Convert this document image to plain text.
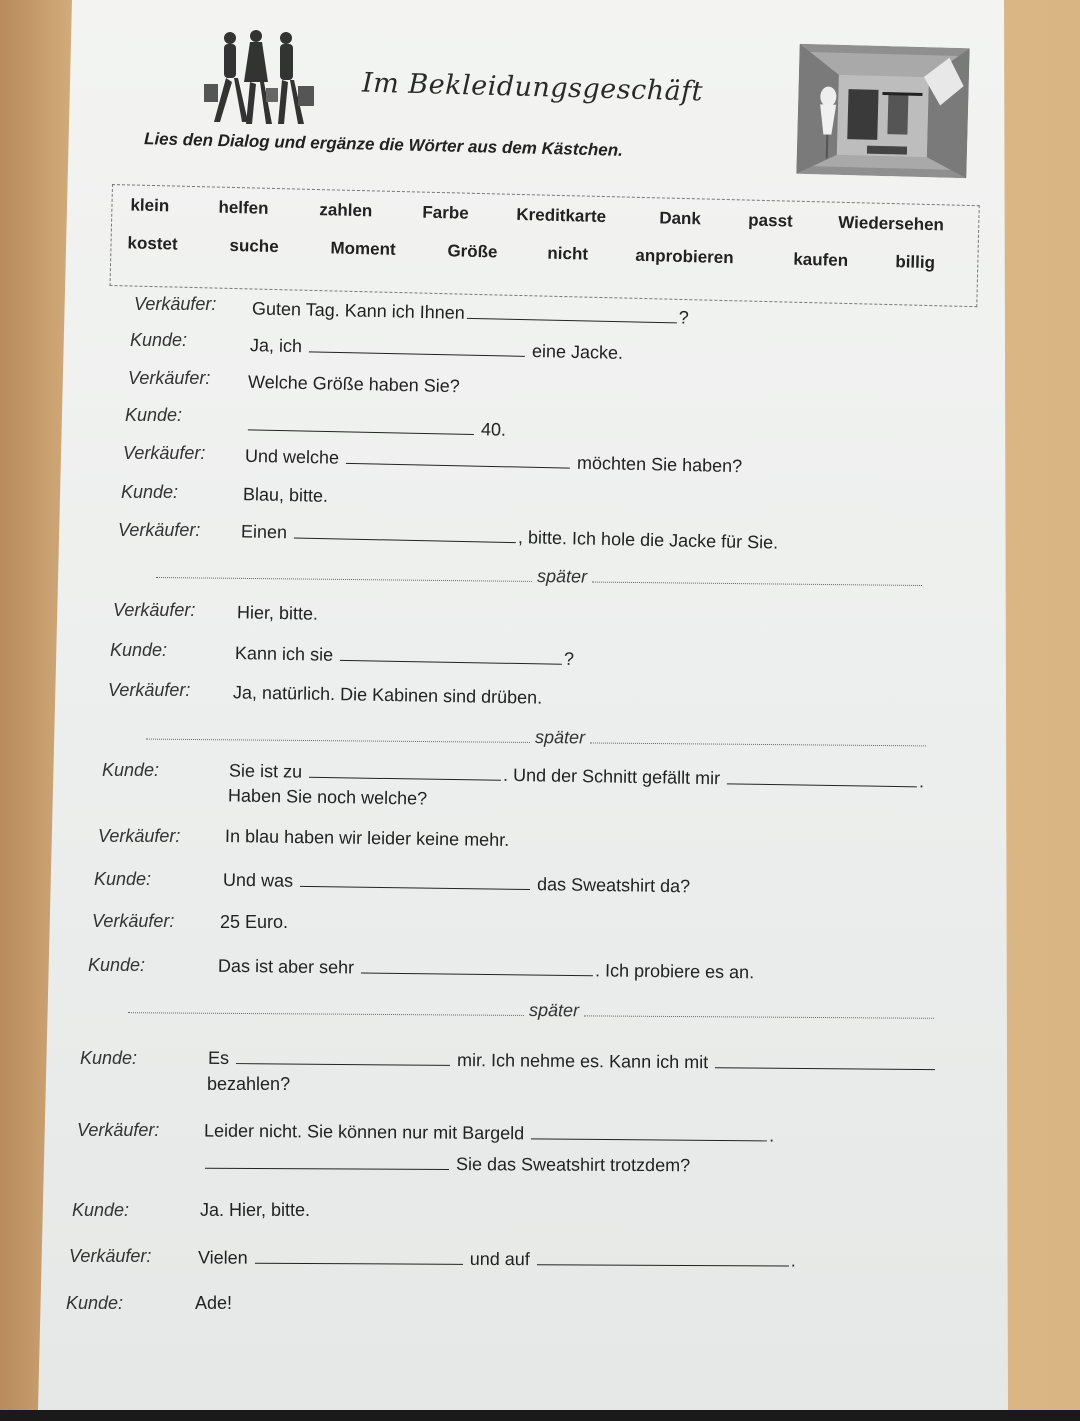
Im Bekleidungsgeschäft
Lies den Dialog und ergänze die Wörter aus dem Kästchen.
klein	helfen	zahlen	Farbe	Kreditkarte	Dank	passt	Wiedersehen
kostet	suche	Moment	Größe	nicht	anprobieren	kaufen	billig
Verkäufer: Guten Tag. Kann ich Ihnen	?
Kunde:	Ja, ich	eine Jacke.
Verkäufer: Welche Größe haben Sie?
Kunde:
40.
Verkäufer: Und welche	möchten Sie haben?
Kunde:	Blau, bitte.
Verkäufer: Einen	, bitte. Ich hole die Jacke für Sie.
später
Verkäufer: Hier, bitte.
Kunde:	Kann ich sie	?
Verkäufer: Ja, natürlich. Die Kabinen sind drüben.
später
Kunde:	Sie ist zu	. Und der Schnitt gefällt mir	.
Haben Sie noch welche?
Verkäufer: In blau haben wir leider keine mehr.
Kunde:	Und was	das Sweatshirt da?
Verkäufer:	25 Euro.
Kunde:	Das ist aber sehr	. Ich probiere es an.
später
Kunde:	Es	mir. Ich nehme es. Kann ich mit
bezahlen?
Verkäufer: Leider nicht. Sie können nur mit Bargeld	.
Sie das Sweatshirt trotzdem?
Kunde:	Ja. Hier, bitte.
Verkäufer:	Vielen	und auf	.
Kunde:	Ade!
